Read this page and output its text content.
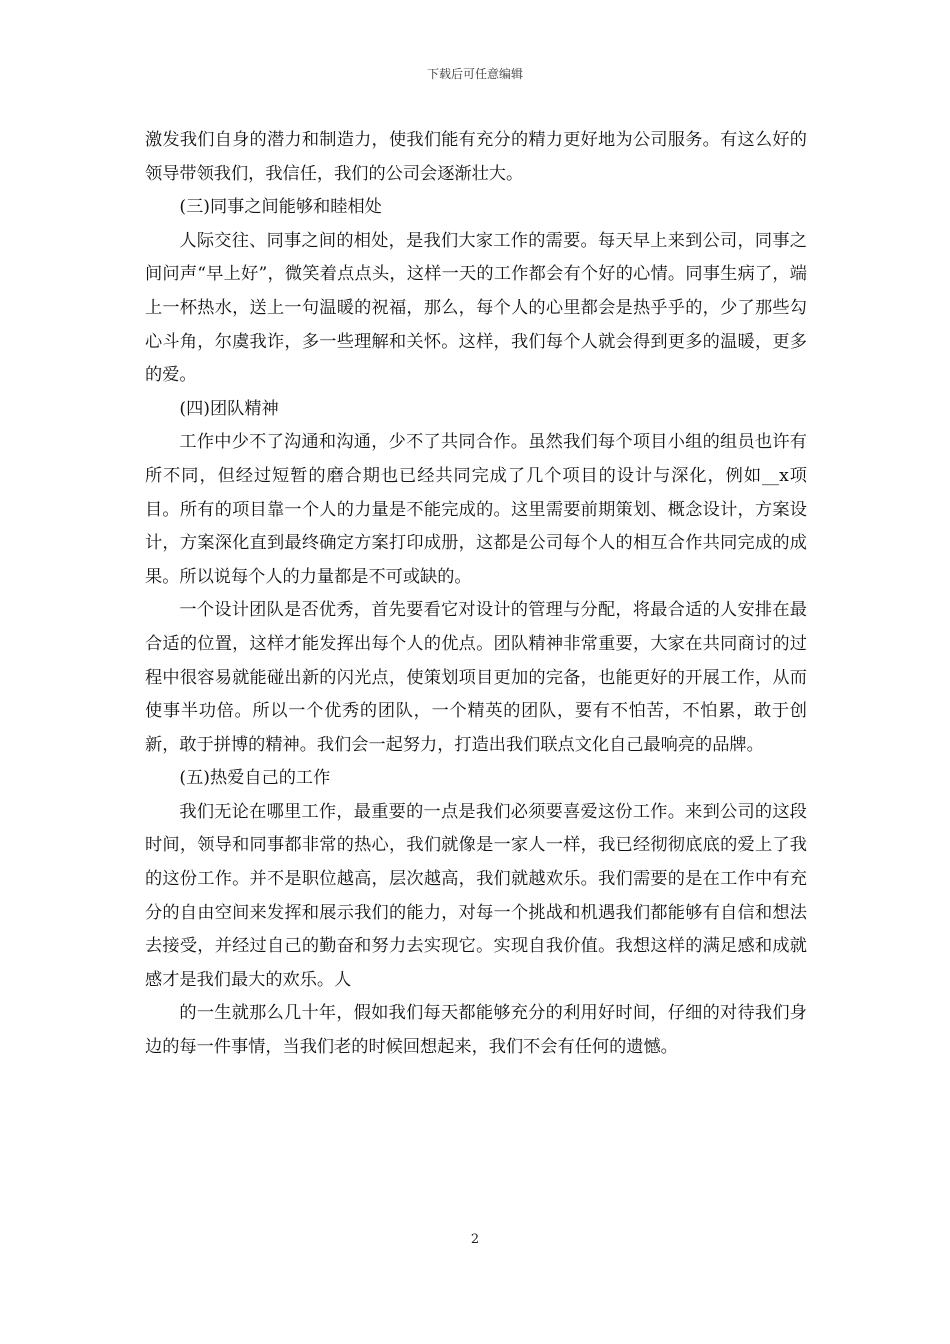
下载后可任意编辑

激发我们自身的潜力和制造力，使我们能有充分的精力更好地为公司服务。有这么好的领导带领我们，我信任，我们的公司会逐渐壮大。

(三)同事之间能够和睦相处

人际交往、同事之间的相处，是我们大家工作的需要。每天早上来到公司，同事之间问声“早上好”，微笑着点点头，这样一天的工作都会有个好的心情。同事生病了，端上一杯热水，送上一句温暖的祝福，那么，每个人的心里都会是热乎乎的，少了那些勾心斗角，尔虞我诈，多一些理解和关怀。这样，我们每个人就会得到更多的温暖，更多的爱。

(四)团队精神

工作中少不了沟通和沟通，少不了共同合作。虽然我们每个项目小组的组员也许有所不同，但经过短暂的磨合期也已经共同完成了几个项目的设计与深化，例如__x项目。所有的项目靠一个人的力量是不能完成的。这里需要前期策划、概念设计，方案设计，方案深化直到最终确定方案打印成册，这都是公司每个人的相互合作共同完成的成果。所以说每个人的力量都是不可或缺的。

一个设计团队是否优秀，首先要看它对设计的管理与分配，将最合适的人安排在最合适的位置，这样才能发挥出每个人的优点。团队精神非常重要，大家在共同商讨的过程中很容易就能碰出新的闪光点，使策划项目更加的完备，也能更好的开展工作，从而使事半功倍。所以一个优秀的团队，一个精英的团队，要有不怕苦，不怕累，敢于创新，敢于拼博的精神。我们会一起努力，打造出我们联点文化自己最响亮的品牌。

(五)热爱自己的工作

我们无论在哪里工作，最重要的一点是我们必须要喜爱这份工作。来到公司的这段时间，领导和同事都非常的热心，我们就像是一家人一样，我已经彻彻底底的爱上了我的这份工作。并不是职位越高，层次越高，我们就越欢乐。我们需要的是在工作中有充分的自由空间来发挥和展示我们的能力，对每一个挑战和机遇我们都能够有自信和想法去接受，并经过自己的勤奋和努力去实现它。实现自我价值。我想这样的满足感和成就感才是我们最大的欢乐。人

的一生就那么几十年，假如我们每天都能够充分的利用好时间，仔细的对待我们身边的每一件事情，当我们老的时候回想起来，我们不会有任何的遗憾。

2
